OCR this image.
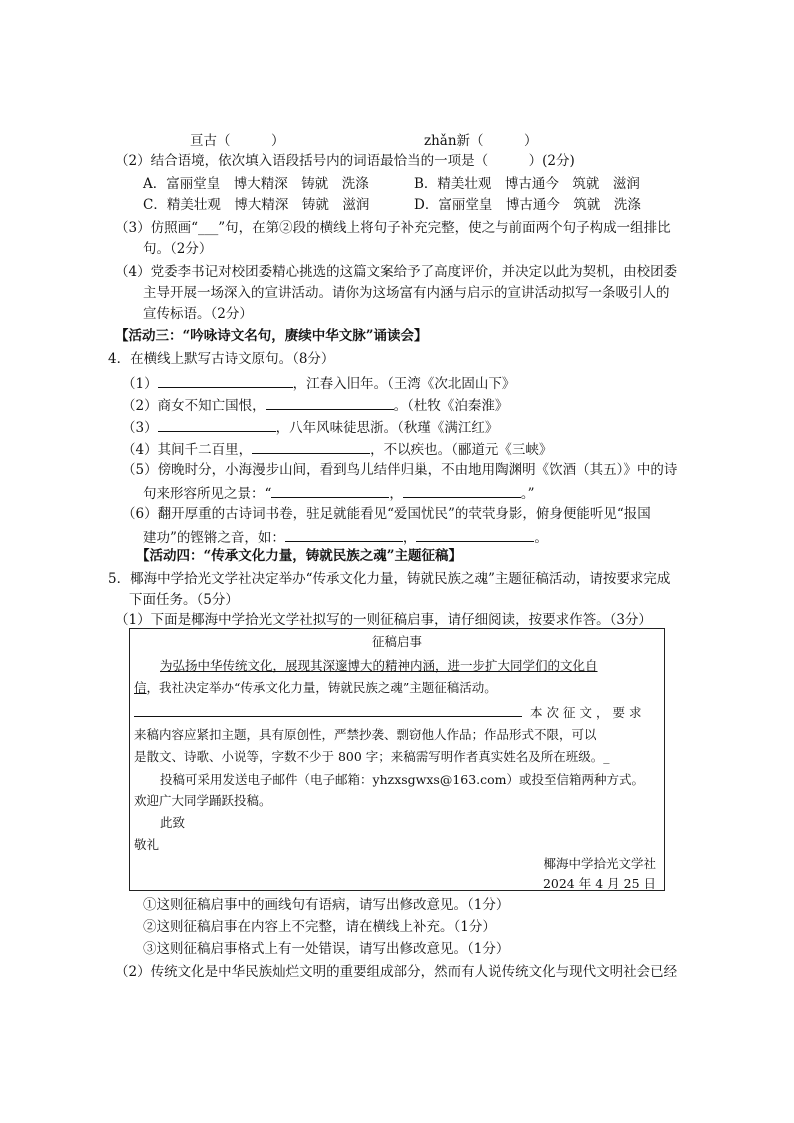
亘古（　　　）	zhǎn新（　　　）
（2）结合语境，依次填入语段括号内的词语最恰当的一项是（　　　）(2分)
A．富丽堂皇　博大精深　铸就　洗涤	B．精美壮观　博古通今　筑就　滋润
C．精美壮观　博大精深　铸就　滋润	D．富丽堂皇　博古通今　筑就　洗涤
（3）仿照画“___”句，在第②段的横线上将句子补充完整，使之与前面两个句子构成一组排比
句。（2分）
（4）党委李书记对校团委精心挑选的这篇文案给予了高度评价，并决定以此为契机，由校团委
主导开展一场深入的宣讲活动。请你为这场富有内涵与启示的宣讲活动拟写一条吸引人的
宣传标语。（2分）
【活动三：“吟咏诗文名句，赓续中华文脉”诵读会】
4．在横线上默写古诗文原句。（8分）
（1）	，江春入旧年。（王湾《次北固山下》
（2）商女不知亡国恨，	。（杜牧《泊秦淮》
（3）	，八年风味徒思浙。（秋瑾《满江红》
（4）其间千二百里，	，不以疾也。（郦道元《三峡》
（5）傍晚时分，小海漫步山间，看到鸟儿结伴归巢，不由地用陶渊明《饮酒（其五）》中的诗
句来形容所见之景：“	，	。”
（6）翻开厚重的古诗词书卷，驻足就能看见“爱国忧民”的茕茕身影，俯身便能听见“报国
建功”的铿锵之音，如：	，	。
【活动四：“传承文化力量，铸就民族之魂”主题征稿】
5．椰海中学拾光文学社决定举办“传承文化力量，铸就民族之魂”主题征稿活动，请按要求完成
下面任务。（5分）
（1）下面是椰海中学拾光文学社拟写的一则征稿启事，请仔细阅读，按要求作答。（3分）
征稿启事
为弘扬中华传统文化，展现其深邃博大的精神内涵，进一步扩大同学们的文化自
信，我社决定举办“传承文化力量，铸就民族之魂”主题征稿活动。
本次征文，要求
来稿内容应紧扣主题，具有原创性，严禁抄袭、剽窃他人作品；作品形式不限，可以
是散文、诗歌、小说等，字数不少于 800 字；来稿需写明作者真实姓名及所在班级。_
投稿可采用发送电子邮件（电子邮箱：yhzxsgwxs@163.com）或投至信箱两种方式。
欢迎广大同学踊跃投稿。
此致
敬礼
椰海中学拾光文学社
2024 年 4 月 25 日
①这则征稿启事中的画线句有语病，请写出修改意见。（1分）
②这则征稿启事在内容上不完整，请在横线上补充。（1分）
③这则征稿启事格式上有一处错误，请写出修改意见。（1分）
（2）传统文化是中华民族灿烂文明的重要组成部分，然而有人说传统文化与现代文明社会已经
